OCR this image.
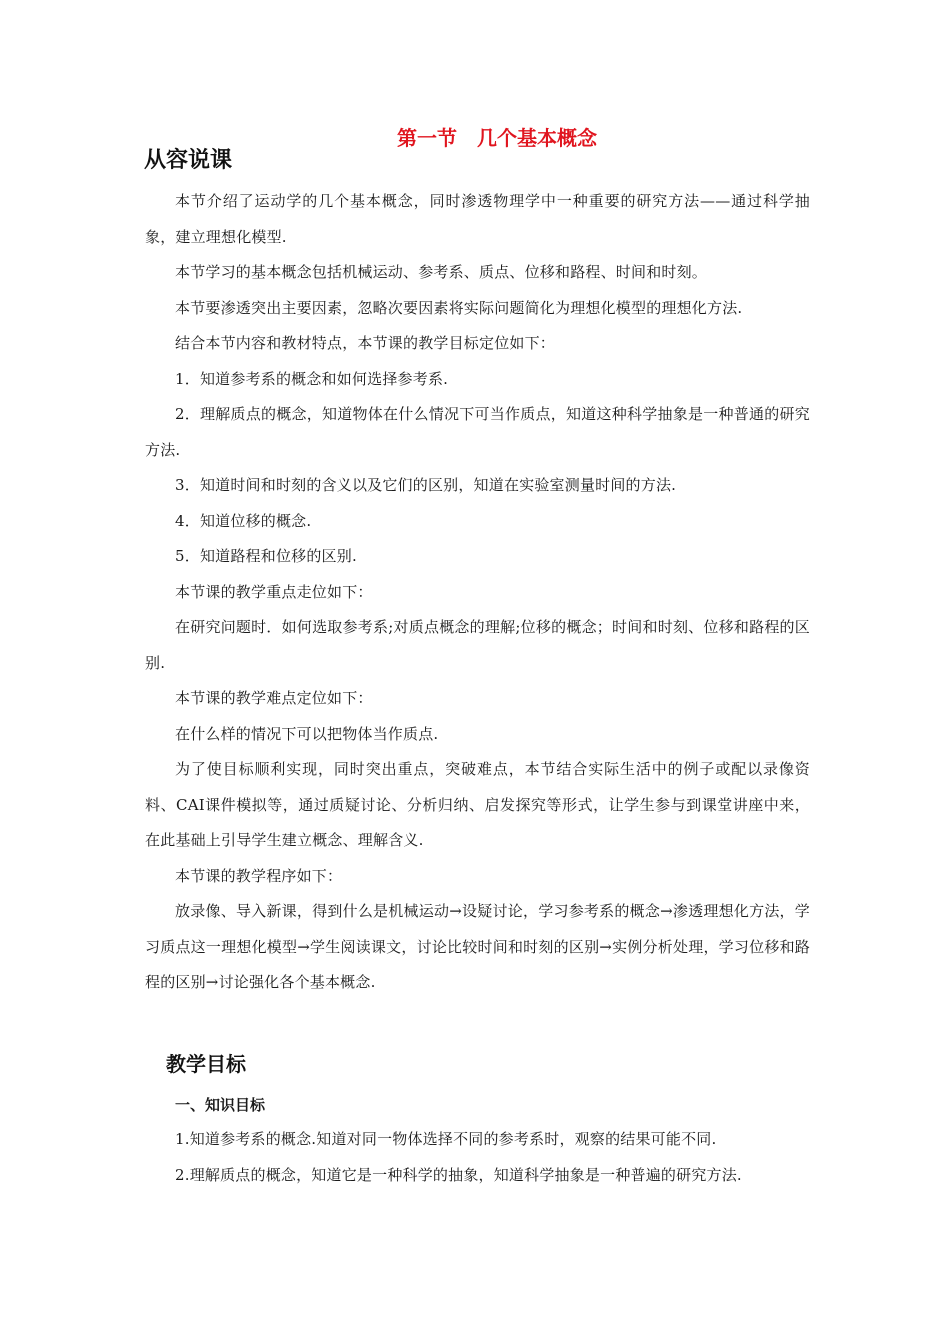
第一节　几个基本概念
从容说课

本节介绍了运动学的几个基本概念，同时渗透物理学中一种重要的研究方法——通过科学抽象，建立理想化模型.

本节学习的基本概念包括机械运动、参考系、质点、位移和路程、时间和时刻。

本节要渗透突出主要因素，忽略次要因素将实际问题简化为理想化模型的理想化方法.

结合本节内容和教材特点，本节课的教学目标定位如下：

1．知道参考系的概念和如何选择参考系.

2．理解质点的概念，知道物体在什么情况下可当作质点，知道这种科学抽象是一种普通的研究方法.

3．知道时间和时刻的含义以及它们的区别，知道在实验室测量时间的方法.

4．知道位移的概念.

5．知道路程和位移的区别.

本节课的教学重点走位如下：

在研究问题时．如何选取参考系;对质点概念的理解;位移的概念；时间和时刻、位移和路程的区别.

本节课的教学难点定位如下：

在什么样的情况下可以把物体当作质点.

为了使目标顺利实现，同时突出重点，突破难点，本节结合实际生活中的例子或配以录像资料、CAI课件模拟等，通过质疑讨论、分析归纳、启发探究等形式，让学生参与到课堂讲座中来，在此基础上引导学生建立概念、理解含义.

本节课的教学程序如下：

放录像、导入新课，得到什么是机械运动→设疑讨论，学习参考系的概念→渗透理想化方法，学习质点这一理想化模型→学生阅读课文，讨论比较时间和时刻的区别→实例分析处理，学习位移和路程的区别→讨论强化各个基本概念.

教学目标

一、知识目标

1.知道参考系的概念.知道对同一物体选择不同的参考系时，观察的结果可能不同.

2.理解质点的概念，知道它是一种科学的抽象，知道科学抽象是一种普遍的研究方法.
